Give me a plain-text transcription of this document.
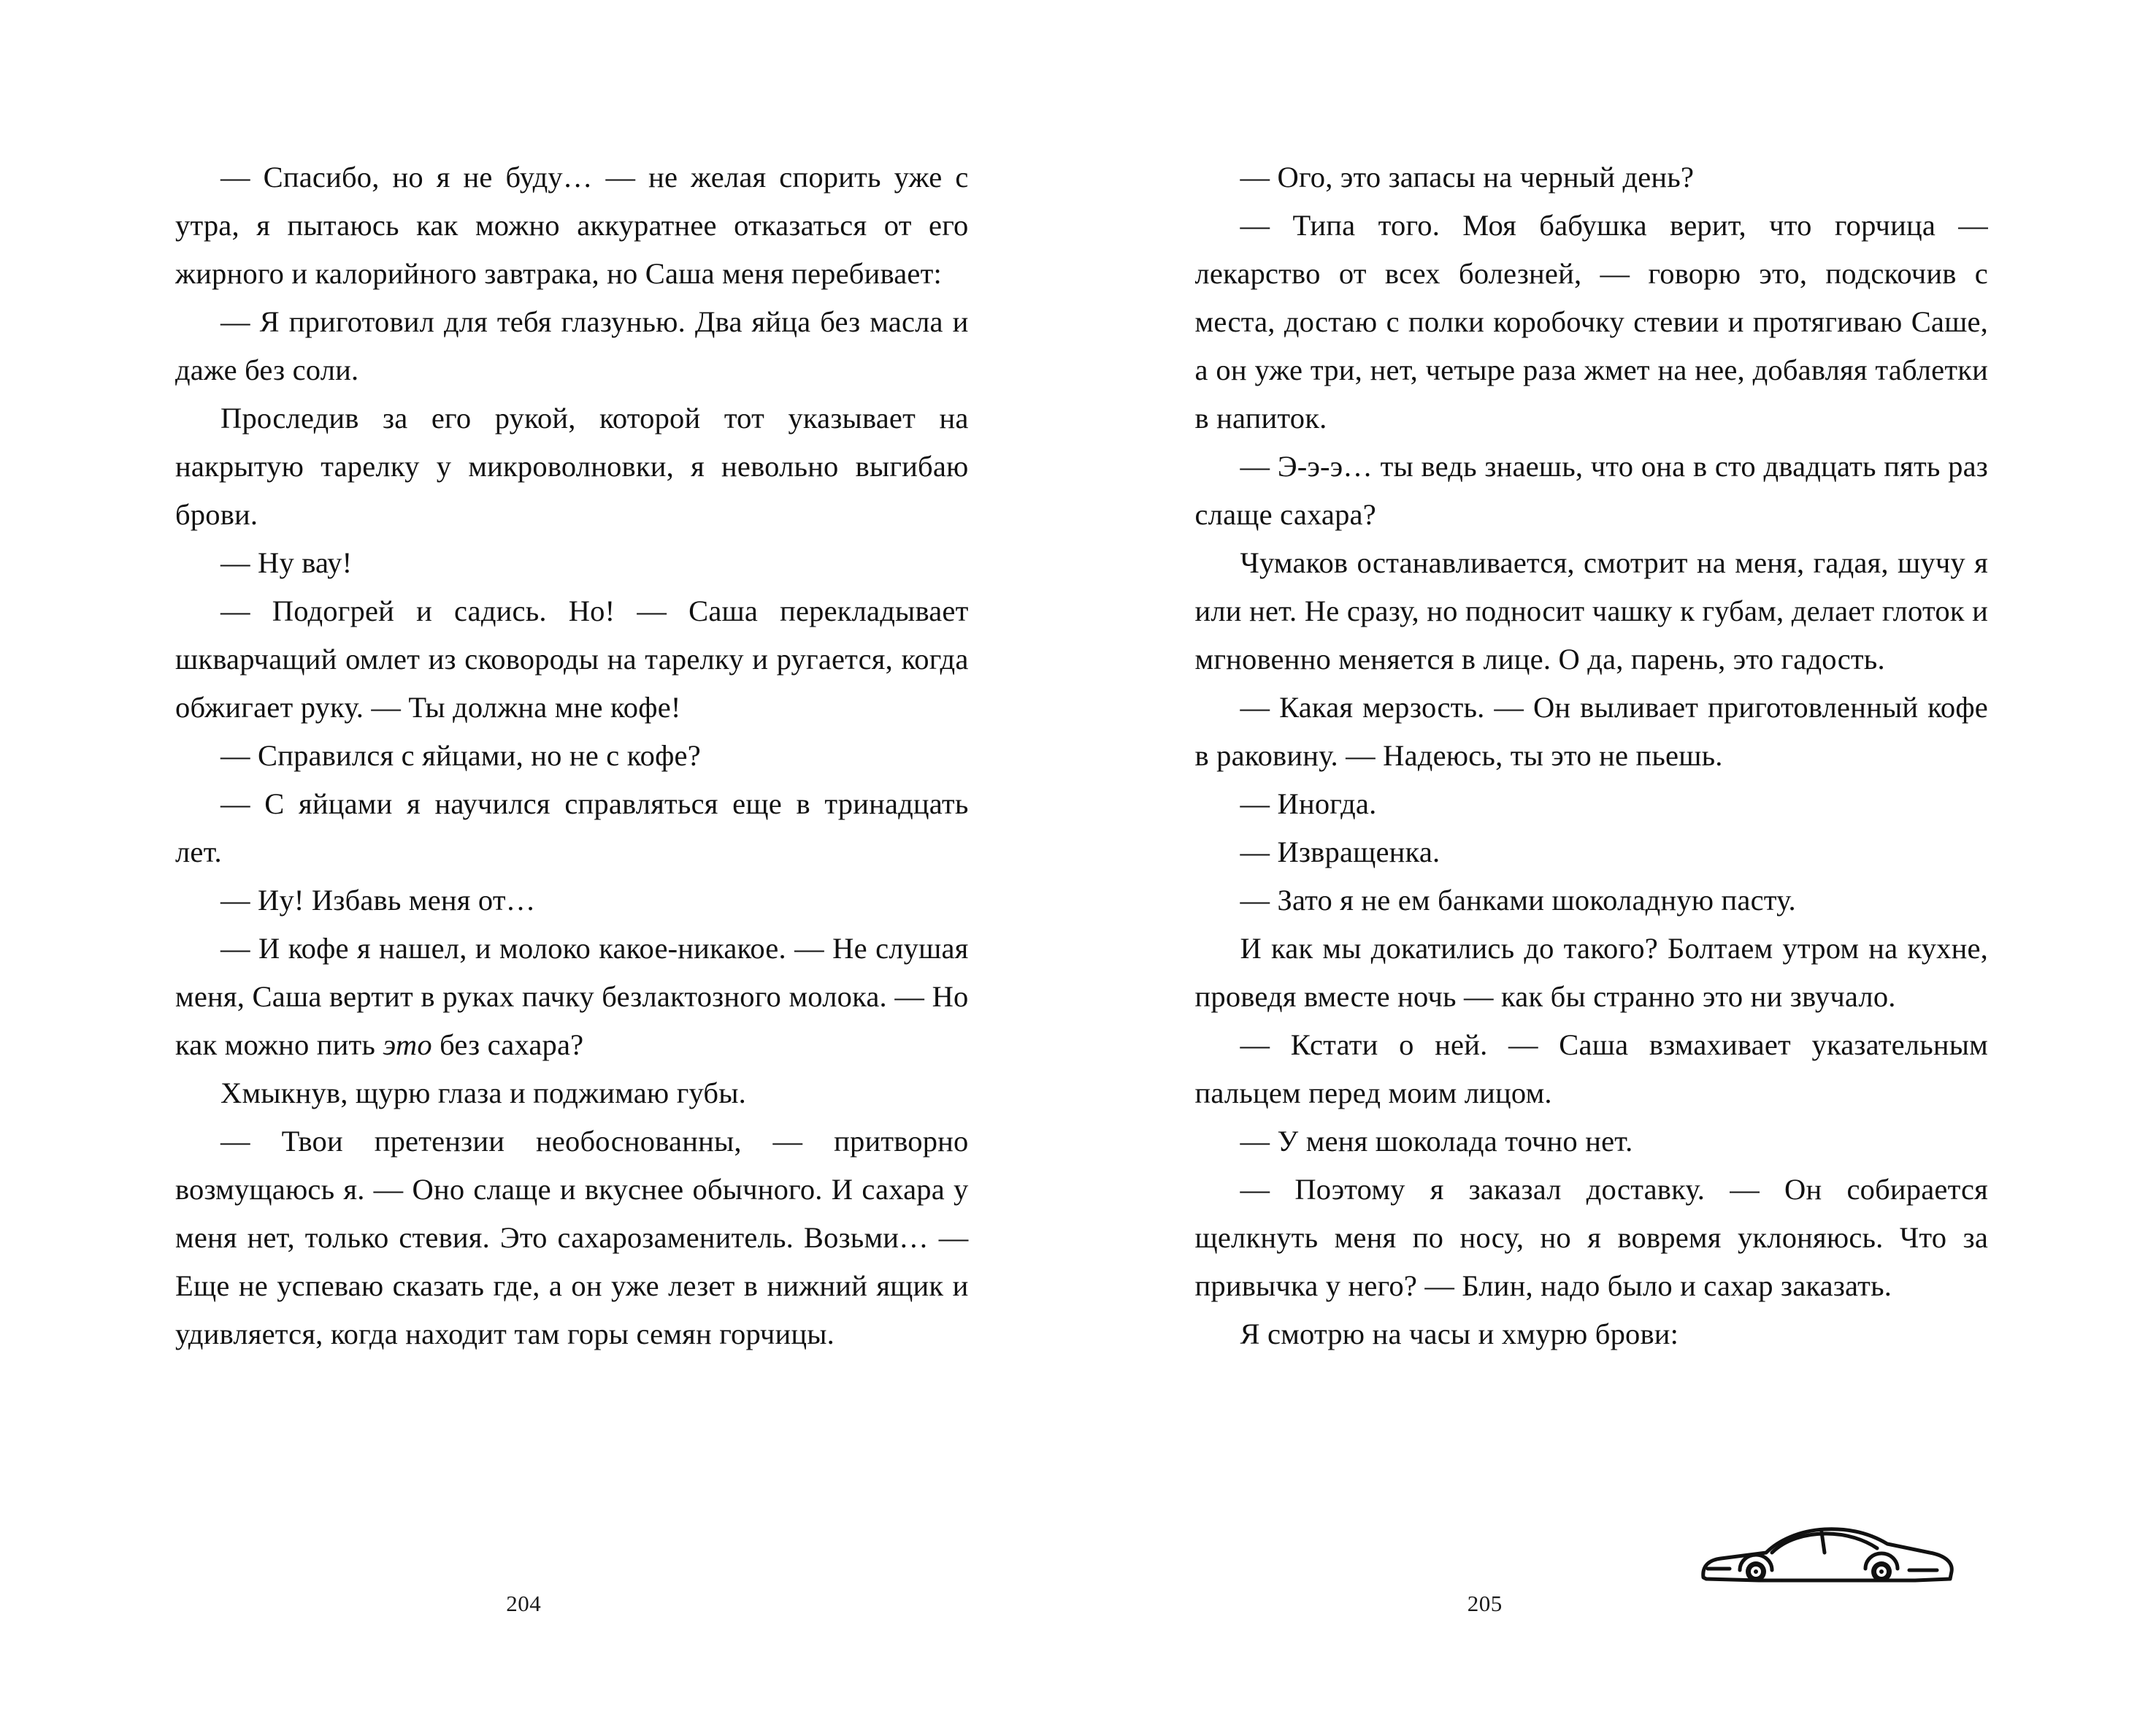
— Спасибо, но я не буду… — не желая спорить уже с утра, я пытаюсь как можно аккуратнее отказаться от его жирного и калорийного завтрака, но Саша меня перебивает:

— Я приготовил для тебя глазунью. Два яйца без масла и даже без соли.

Проследив за его рукой, которой тот указывает на накрытую тарелку у микроволновки, я невольно выгибаю брови.

— Ну вау!

— Подогрей и садись. Но! — Саша перекладывает шкварчащий омлет из сковороды на тарелку и ругается, когда обжигает руку. — Ты должна мне кофе!

— Справился с яйцами, но не с кофе?

— С яйцами я научился справляться еще в тринадцать лет.

— Иу! Избавь меня от…

— И кофе я нашел, и молоко какое-никакое. — Не слушая меня, Саша вертит в руках пачку безлактозного молока. — Но как можно пить это без сахара?

Хмыкнув, щурю глаза и поджимаю губы.

— Твои претензии необоснованны, — притворно возмущаюсь я. — Оно слаще и вкуснее обычного. И сахара у меня нет, только стевия. Это сахарозаменитель. Возьми… — Еще не успеваю сказать где, а он уже лезет в нижний ящик и удивляется, когда находит там горы семян горчицы.

204

— Ого, это запасы на черный день?

— Типа того. Моя бабушка верит, что горчица — лекарство от всех болезней, — говорю это, подскочив с места, достаю с полки коробочку стевии и протягиваю Саше, а он уже три, нет, четыре раза жмет на нее, добавляя таблетки в напиток.

— Э-э-э… ты ведь знаешь, что она в сто двадцать пять раз слаще сахара?

Чумаков останавливается, смотрит на меня, гадая, шучу я или нет. Не сразу, но подносит чашку к губам, делает глоток и мгновенно меняется в лице. О да, парень, это гадость.

— Какая мерзость. — Он выливает приготовленный кофе в раковину. — Надеюсь, ты это не пьешь.

— Иногда.

— Извращенка.

— Зато я не ем банками шоколадную пасту.

И как мы докатились до такого? Болтаем утром на кухне, проведя вместе ночь — как бы странно это ни звучало.

— Кстати о ней. — Саша взмахивает указательным пальцем перед моим лицом.

— У меня шоколада точно нет.

— Поэтому я заказал доставку. — Он собирается щелкнуть меня по носу, но я вовремя уклоняюсь. Что за привычка у него? — Блин, надо было и сахар заказать.

Я смотрю на часы и хмурю брови:

205
